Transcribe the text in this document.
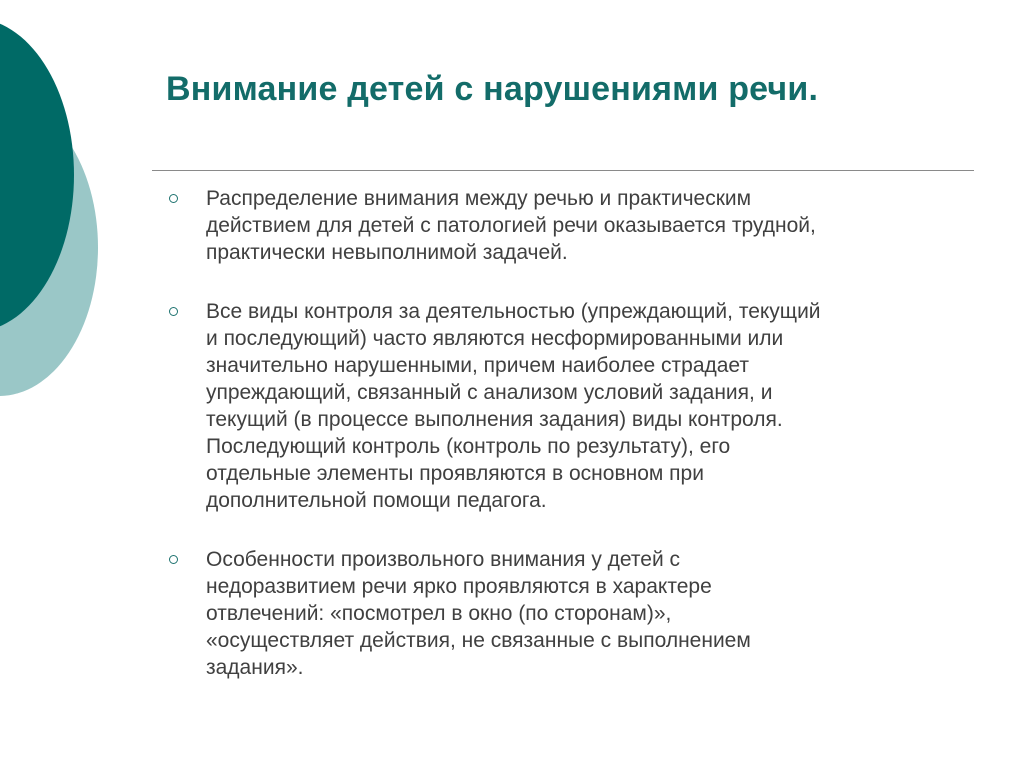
Внимание детей с нарушениями речи.
Распределение внимания между речью и практическим
действием для детей с патологией речи оказывается трудной,
практически невыполнимой задачей.
Все виды контроля за деятельностью (упреждающий, текущий
и последующий) часто являются несформированными или
значительно нарушенными, причем наиболее страдает
упреждающий, связанный с анализом условий задания, и
текущий (в процессе выполнения задания) виды контроля.
Последующий контроль (контроль по результату), его
отдельные элементы проявляются в основном при
дополнительной помощи педагога.
Особенности произвольного внимания у детей с
недоразвитием речи ярко проявляются в характере
отвлечений: «посмотрел в окно (по сторонам)»,
«осуществляет действия, не связанные с выполнением
задания».
